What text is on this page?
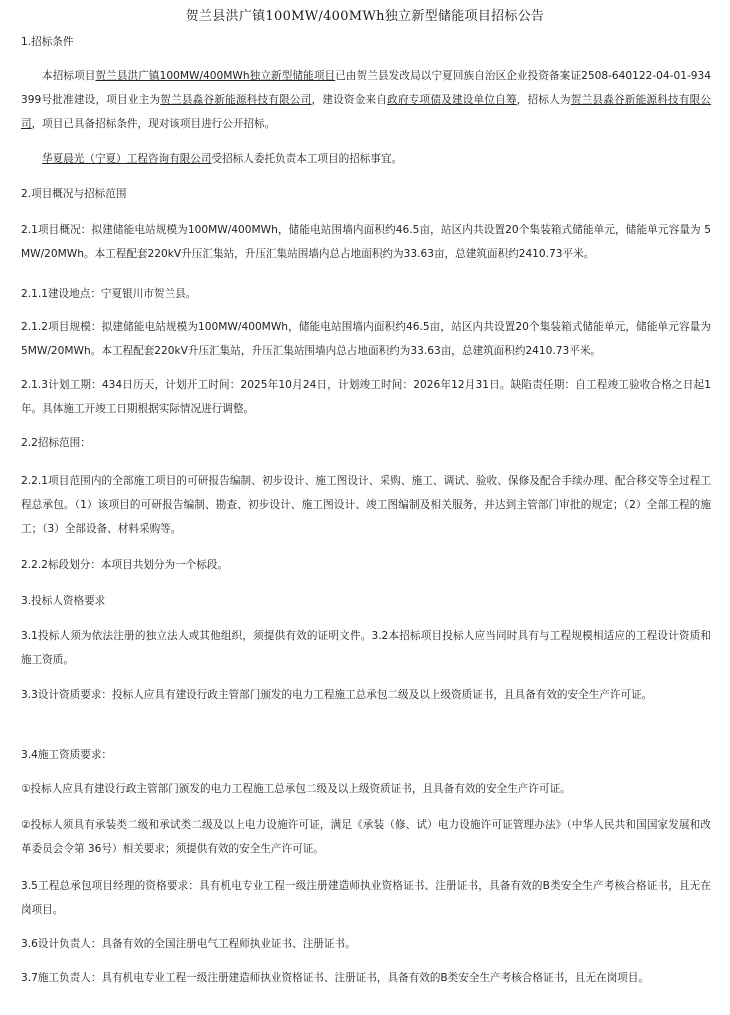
贺兰县洪广镇100MW/400MWh独立新型储能项目招标公告

1.招标条件

本招标项目贺兰县洪广镇100MW/400MWh独立新型储能项目已由贺兰县发改局以宁夏回族自治区企业投资备案证2508-640122-04-01-934399号批准建设，项目业主为贺兰县淼谷新能源科技有限公司，建设资金来自政府专项债及建设单位自筹，招标人为贺兰县淼谷新能源科技有限公司，项目已具备招标条件，现对该项目进行公开招标。

华夏晨光（宁夏）工程咨询有限公司受招标人委托负责本工项目的招标事宜。

2.项目概况与招标范围

2.1项目概况：拟建储能电站规模为100MW/400MWh，储能电站围墙内面积约46.5亩，站区内共设置20个集装箱式储能单元，储能单元容量为 5MW/20MWh。本工程配套220kV升压汇集站，升压汇集站围墙内总占地面积约为33.63亩，总建筑面积约2410.73平米。

2.1.1建设地点：宁夏银川市贺兰县。

2.1.2项目规模：拟建储能电站规模为100MW/400MWh，储能电站围墙内面积约46.5亩，站区内共设置20个集装箱式储能单元，储能单元容量为5MW/20MWh。本工程配套220kV升压汇集站，升压汇集站围墙内总占地面积约为33.63亩，总建筑面积约2410.73平米。

2.1.3计划工期：434日历天，计划开工时间：2025年10月24日，计划竣工时间：2026年12月31日。缺陷责任期：自工程竣工验收合格之日起1年。具体施工开竣工日期根据实际情况进行调整。

2.2招标范围：

2.2.1项目范围内的全部施工项目的可研报告编制、初步设计、施工图设计、采购、施工、调试、验收、保修及配合手续办理、配合移交等全过程工程总承包。（1）该项目的可研报告编制、勘查、初步设计、施工图设计、竣工图编制及相关服务，并达到主管部门审批的规定；（2）全部工程的施工；（3）全部设备、材料采购等。

2.2.2标段划分：本项目共划分为一个标段。

3.投标人资格要求

3.1投标人须为依法注册的独立法人或其他组织，须提供有效的证明文件。3.2本招标项目投标人应当同时具有与工程规模相适应的工程设计资质和施工资质。

3.3设计资质要求：投标人应具有建设行政主管部门颁发的电力工程施工总承包二级及以上级资质证书，且具备有效的安全生产许可证。

3.4施工资质要求：

①投标人应具有建设行政主管部门颁发的电力工程施工总承包二级及以上级资质证书，且具备有效的安全生产许可证。

②投标人须具有承装类二级和承试类二级及以上电力设施许可证，满足《承装（修、试）电力设施许可证管理办法》（中华人民共和国国家发展和改革委员会令第 36号）相关要求；须提供有效的安全生产许可证。

3.5工程总承包项目经理的资格要求：具有机电专业工程一级注册建造师执业资格证书、注册证书，具备有效的B类安全生产考核合格证书，且无在岗项目。

3.6设计负责人：具备有效的全国注册电气工程师执业证书、注册证书。

3.7施工负责人：具有机电专业工程一级注册建造师执业资格证书、注册证书，具备有效的B类安全生产考核合格证书，且无在岗项目。
